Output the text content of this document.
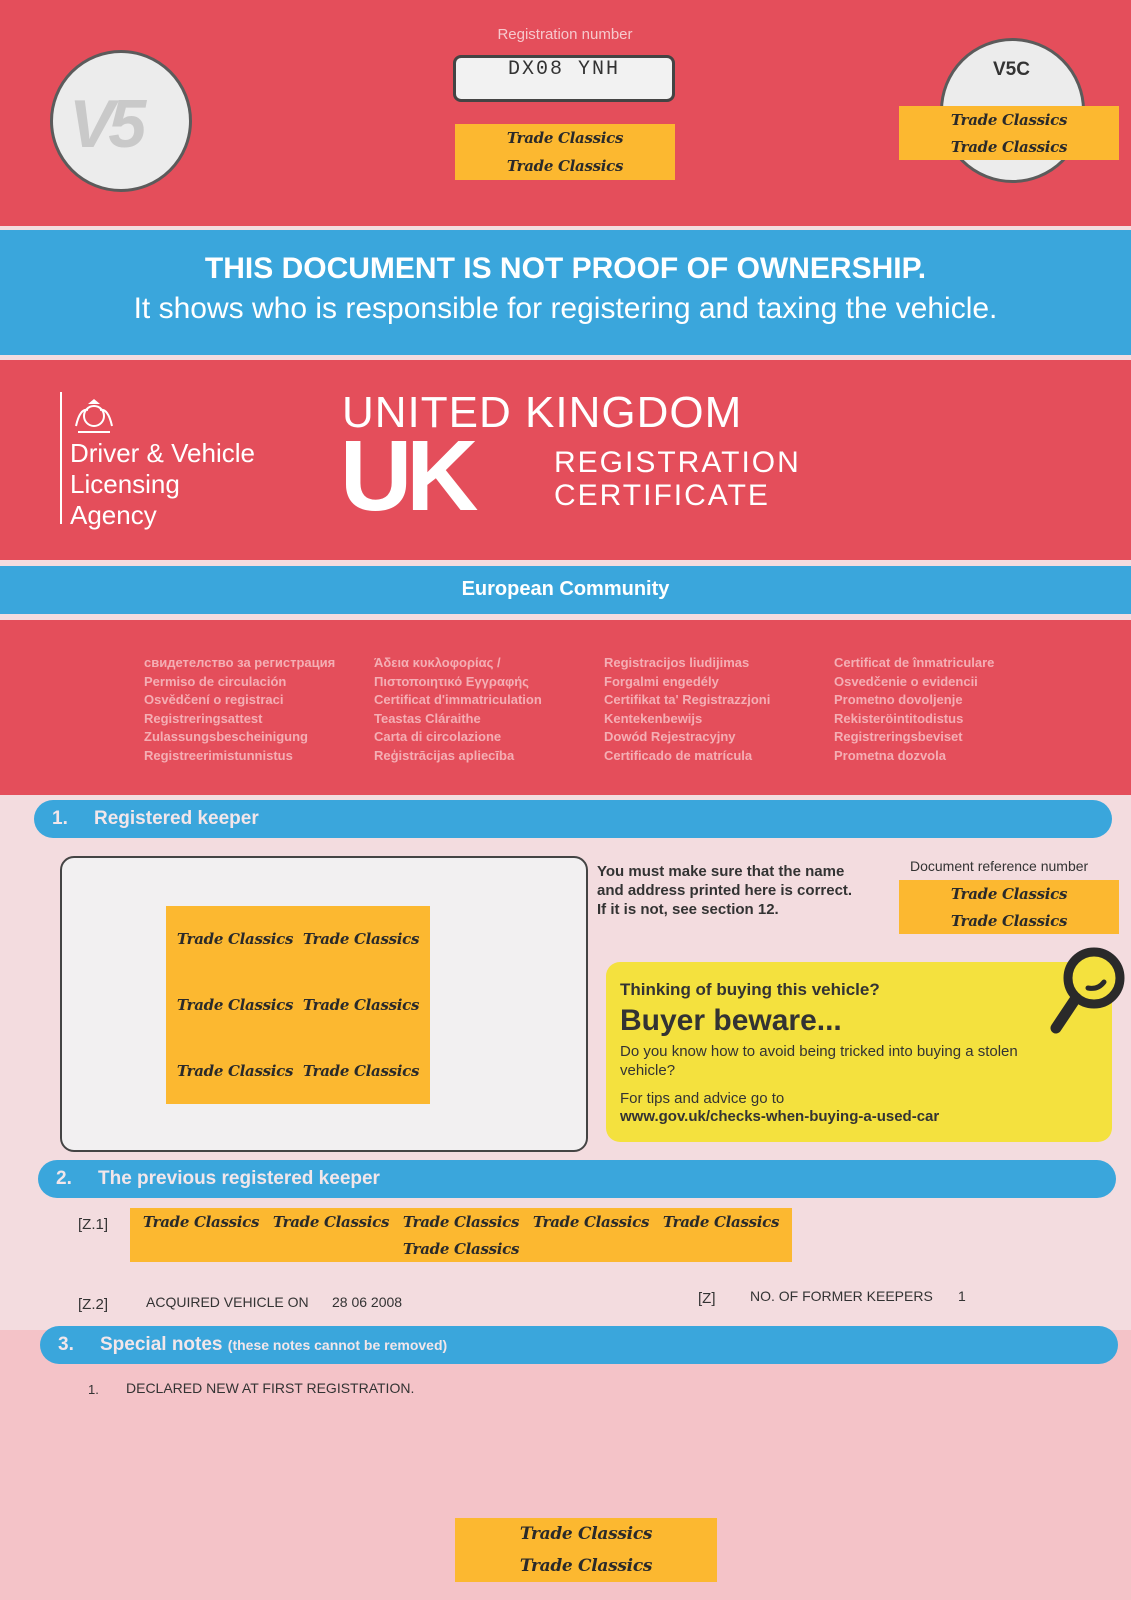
V5
V5C
Registration number
DX08 YNH
Trade Classics
Trade Classics
Trade Classics
Trade Classics
THIS DOCUMENT IS NOT PROOF OF OWNERSHIP.
It shows who is responsible for registering and taxing the vehicle.
Driver & Vehicle
Licensing
Agency
UNITED KINGDOM
UK	REGISTRATION
CERTIFICATE
European Community
свидетелство за регистрация
Permiso de circulación
Osvědčení o registraci
Registreringsattest
Zulassungsbescheinigung
Registreerimistunnistus
Άδεια κυκλοφορίας / Πιστοποιητικό Εγγραφής
Certificat d'immatriculation
Teastas Cláraithe
Carta di circolazione
Reģistrācijas apliecība
Registracijos liudijimas
Forgalmi engedély
Certifikat ta' Registrazzjoni
Kentekenbewijs
Dowód Rejestracyjny
Certificado de matrícula
Certificat de înmatriculare
Osvedčenie o evidencii
Prometno dovoljenje
Rekisteröintitodistus
Registreringsbeviset
Prometna dozvola
1. Registered keeper
Trade Classics Trade Classics
Trade Classics Trade Classics
Trade Classics Trade Classics
You must make sure that the name
and address printed here is correct.
If it is not, see section 12.
Document reference number
Trade Classics
Trade Classics
Thinking of buying this vehicle?
Buyer beware...
Do you know how to avoid being tricked into buying a stolen vehicle?
For tips and advice go to
www.gov.uk/checks-when-buying-a-used-car
2. The previous registered keeper
[Z.1] Trade Classics Trade Classics Trade Classics Trade Classics Trade Classics
Trade Classics
[Z.2]	ACQUIRED VEHICLE ON 28 06 2008	[Z] NO. OF FORMER KEEPERS 1
3. Special notes (these notes cannot be removed)
1. DECLARED NEW AT FIRST REGISTRATION.
Trade Classics
Trade Classics
